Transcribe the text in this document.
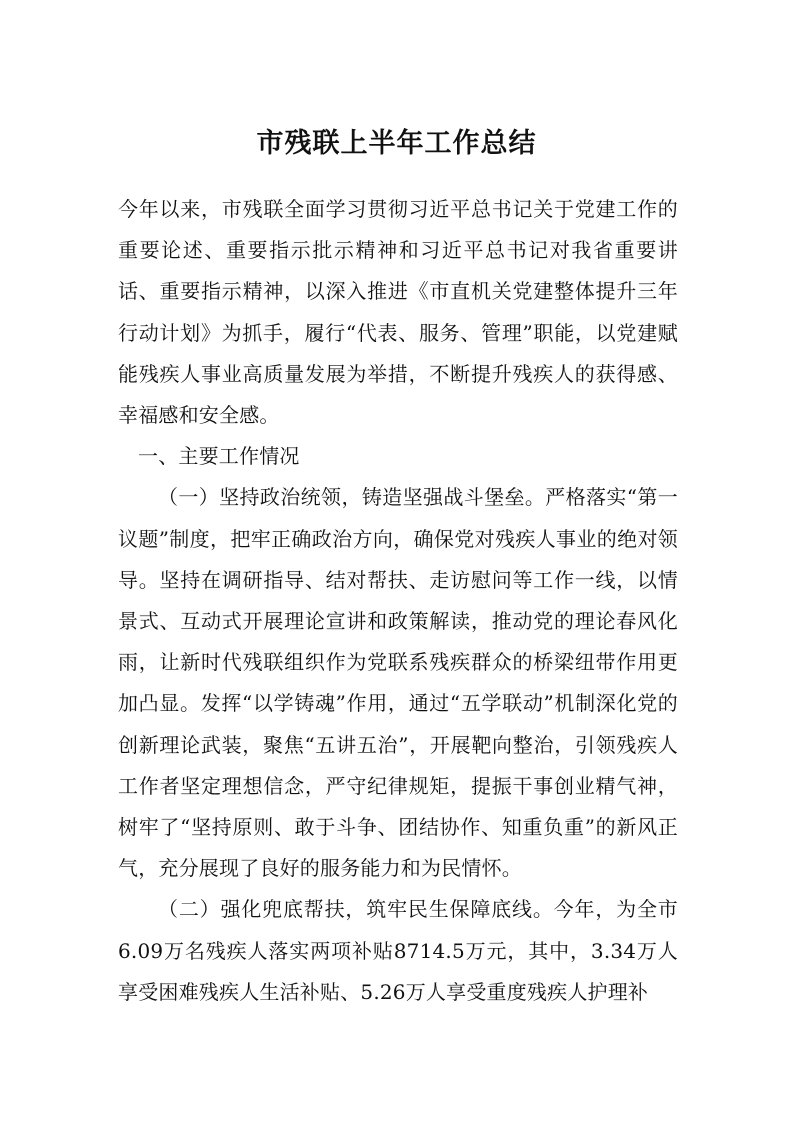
市残联上半年工作总结

今年以来，市残联全面学习贯彻习近平总书记关于党建工作的重要论述、重要指示批示精神和习近平总书记对我省重要讲话、重要指示精神，以深入推进《市直机关党建整体提升三年行动计划》为抓手，履行“代表、服务、管理”职能，以党建赋能残疾人事业高质量发展为举措，不断提升残疾人的获得感、幸福感和安全感。

一、主要工作情况

（一）坚持政治统领，铸造坚强战斗堡垒。严格落实“第一议题”制度，把牢正确政治方向，确保党对残疾人事业的绝对领导。坚持在调研指导、结对帮扶、走访慰问等工作一线，以情景式、互动式开展理论宣讲和政策解读，推动党的理论春风化雨，让新时代残联组织作为党联系残疾群众的桥梁纽带作用更加凸显。发挥“以学铸魂”作用，通过“五学联动”机制深化党的创新理论武装，聚焦“五讲五治”，开展靶向整治，引领残疾人工作者坚定理想信念，严守纪律规矩，提振干事创业精气神，树牢了“坚持原则、敢于斗争、团结协作、知重负重”的新风正气，充分展现了良好的服务能力和为民情怀。

（二）强化兜底帮扶，筑牢民生保障底线。今年，为全市6.09万名残疾人落实两项补贴8714.5万元，其中，3.34万人享受困难残疾人生活补贴、5.26万人享受重度残疾人护理补
